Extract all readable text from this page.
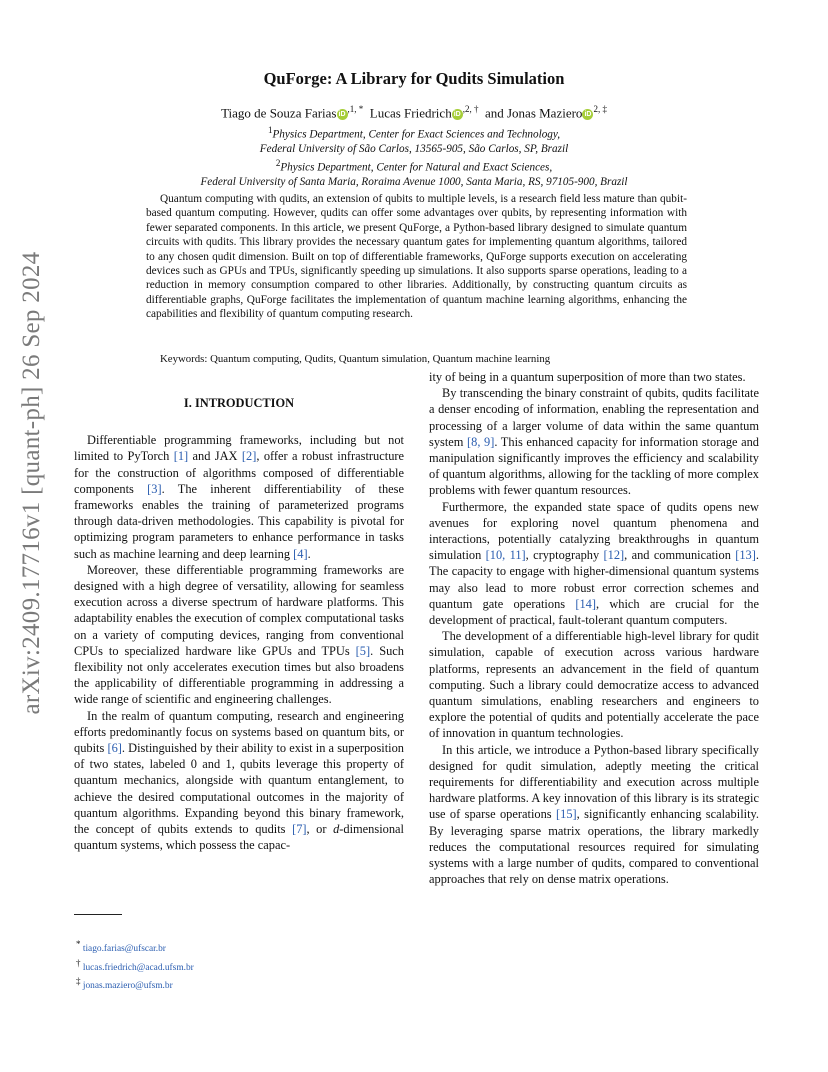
arXiv:2409.17716v1 [quant-ph] 26 Sep 2024
QuForge: A Library for Qudits Simulation
Tiago de Souza Farias $iD^{,1, *}$ Lucas Friedrich $iD^{,2, \dagger}$ and Jonas Maziero $iD^{2, \ddagger}$
$^1$Physics Department, Center for Exact Sciences and Technology,
Federal University of São Carlos, 13565-905, São Carlos, SP, Brazil
$^2$Physics Department, Center for Natural and Exact Sciences,
Federal University of Santa Maria, Roraima Avenue 1000, Santa Maria, RS, 97105-900, Brazil
Quantum computing with qudits, an extension of qubits to multiple levels, is a research field less mature than qubit-based quantum computing. However, qudits can offer some advantages over qubits, by representing information with fewer separated components. In this article, we present QuForge, a Python-based library designed to simulate quantum circuits with qudits. This library provides the necessary quantum gates for implementing quantum algorithms, tailored to any chosen qudit dimension. Built on top of differentiable frameworks, QuForge supports execution on accelerating devices such as GPUs and TPUs, significantly speeding up simulations. It also supports sparse operations, leading to a reduction in memory consumption compared to other libraries. Additionally, by constructing quantum circuits as differentiable graphs, QuForge facilitates the implementation of quantum machine learning algorithms, enhancing the capabilities and flexibility of quantum computing research.
Keywords: Quantum computing, Qudits, Quantum simulation, Quantum machine learning

I. INTRODUCTION

Differentiable programming frameworks, including but not limited to PyTorch [1] and JAX [2], offer a robust infrastructure for the construction of algorithms composed of differentiable components [3]. The inherent differentiability of these frameworks enables the training of parameterized programs through data-driven methodologies. This capability is pivotal for optimizing program parameters to enhance performance in tasks such as machine learning and deep learning [4].

Moreover, these differentiable programming frameworks are designed with a high degree of versatility, allowing for seamless execution across a diverse spectrum of hardware platforms. This adaptability enables the execution of complex computational tasks on a variety of computing devices, ranging from conventional CPUs to specialized hardware like GPUs and TPUs [5]. Such flexibility not only accelerates execution times but also broadens the applicability of differentiable programming in addressing a wide range of scientific and engineering challenges.

In the realm of quantum computing, research and engineering efforts predominantly focus on systems based on quantum bits, or qubits [6]. Distinguished by their ability to exist in a superposition of two states, labeled 0 and 1, qubits leverage this property of quantum mechanics, alongside with quantum entanglement, to achieve the desired computational outcomes in the majority of quantum algorithms. Expanding beyond this binary framework, the concept of qubits extends to qudits [7], or d-dimensional quantum systems, which possess the capac-

ity of being in a quantum superposition of more than two states.

By transcending the binary constraint of qubits, qudits facilitate a denser encoding of information, enabling the representation and processing of a larger volume of data within the same quantum system [8, 9]. This enhanced capacity for information storage and manipulation significantly improves the efficiency and scalability of quantum algorithms, allowing for the tackling of more complex problems with fewer quantum resources.

Furthermore, the expanded state space of qudits opens new avenues for exploring novel quantum phenomena and interactions, potentially catalyzing breakthroughs in quantum simulation [10, 11], cryptography [12], and communication [13]. The capacity to engage with higher-dimensional quantum systems may also lead to more robust error correction schemes and quantum gate operations [14], which are crucial for the development of practical, fault-tolerant quantum computers.

The development of a differentiable high-level library for qudit simulation, capable of execution across various hardware platforms, represents an advancement in the field of quantum computing. Such a library could democratize access to advanced quantum simulations, enabling researchers and engineers to explore the potential of qudits and potentially accelerate the pace of innovation in quantum technologies.

In this article, we introduce a Python-based library specifically designed for qudit simulation, adeptly meeting the critical requirements for differentiability and execution across multiple hardware platforms. A key innovation of this library is its strategic use of sparse operations [15], significantly enhancing scalability. By leveraging sparse matrix operations, the library markedly reduces the computational resources required for simulating systems with a large number of qudits, compared to conventional approaches that rely on dense matrix operations.

* tiago.farias@ufscar.br
† lucas.friedrich@acad.ufsm.br
‡ jonas.maziero@ufsm.br
